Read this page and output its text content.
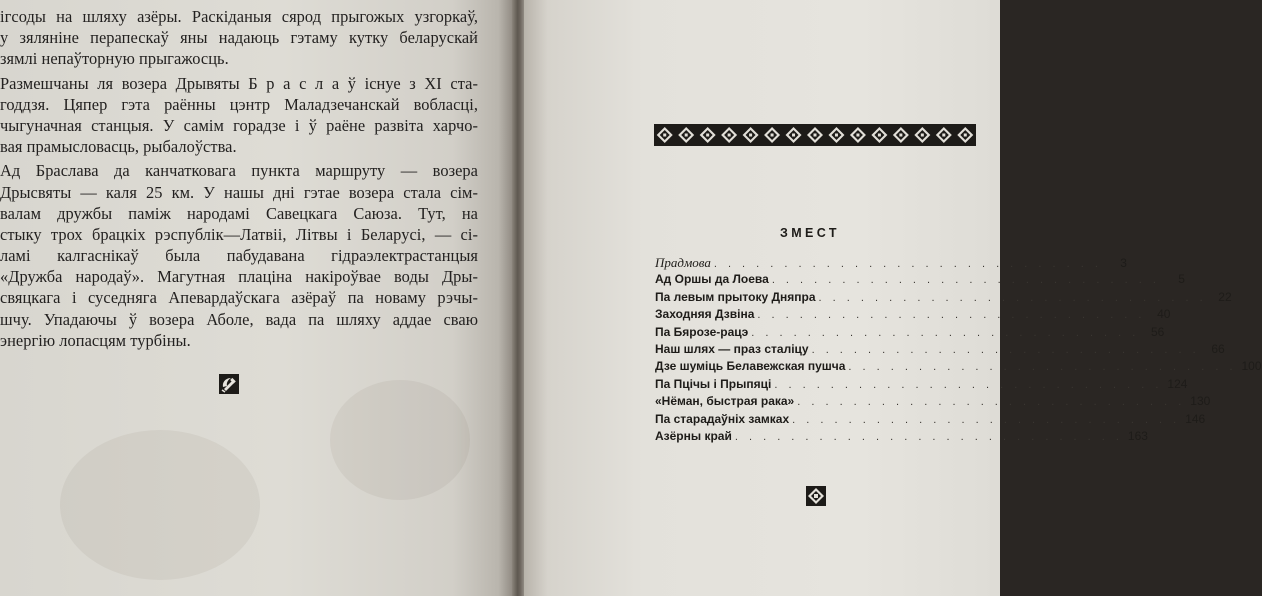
ігсоды на шляху азёры. Раскіданыя сярод прыгожых узгоркаў,
у зяляніне перапескаў яны надаюць гэтаму кутку беларускай
зямлі непаўторную прыгажосць.
Размешчаны ля возера Дрывяты Б р а с л а ў існуе з XI ста-
годдзя. Цяпер гэта раённы цэнтр Маладзечанскай вобласці,
чыгуначная станцыя. У самім горадзе і ў раёне развіта харчо-
вая прамысловасць, рыбалоўства.
Ад Браслава да канчатковага пункта маршруту — возера
Дрысвяты — каля 25 км. У нашы дні гэтае возера стала сім-
валам дружбы паміж народамі Савецкага Саюза. Тут, на
стыку трох брацкіх рэспублік—Латвіі, Літвы і Беларусі, — сі-
ламі калгаснікаў была пабудавана гідраэлектрастанцыя
«Дружба народаў». Магутная плаціна накіроўвае воды Дры-
свяцкага і суседняга Апевардаўскага азёраў па новаму рэчы-
шчу. Упадаючы ў возера Аболе, вада па шляху аддае сваю
энергію лопасцям турбіны.
ЗМЕСТ
Прадмова . . . . . . . . . . . . . . . . . . . . . . . . . . . .	3
Ад Оршы да Лоева . . . . . . . . . . . . . . . . . . . . . . . . . . . .	5
Па левым прытоку Дняпра . . . . . . . . . . . . . . . . . . . . . . . . . . . . 22
Заходняя Дзвіна . . . . . . . . . . . . . . . . . . . . . . . . . . . . 40
Па Бярозе-рацэ . . . . . . . . . . . . . . . . . . . . . . . . . . . . 56
Наш шлях — праз сталіцу . . . . . . . . . . . . . . . . . . . . . . . . . . . . 66
Дзе шуміць Белавежская пушча . . . . . . . . . . . . . . . . . . . . . . . . . . . . 100
Па Пцічы і Прыпяці . . . . . . . . . . . . . . . . . . . . . . . . . . . . 124
«Нёман, быстрая рака» . . . . . . . . . . . . . . . . . . . . . . . . . . . . 130
Па старадаўніх замках . . . . . . . . . . . . . . . . . . . . . . . . . . . . 146
Азёрны край . . . . . . . . . . . . . . . . . . . . . . . . . . . . 163
